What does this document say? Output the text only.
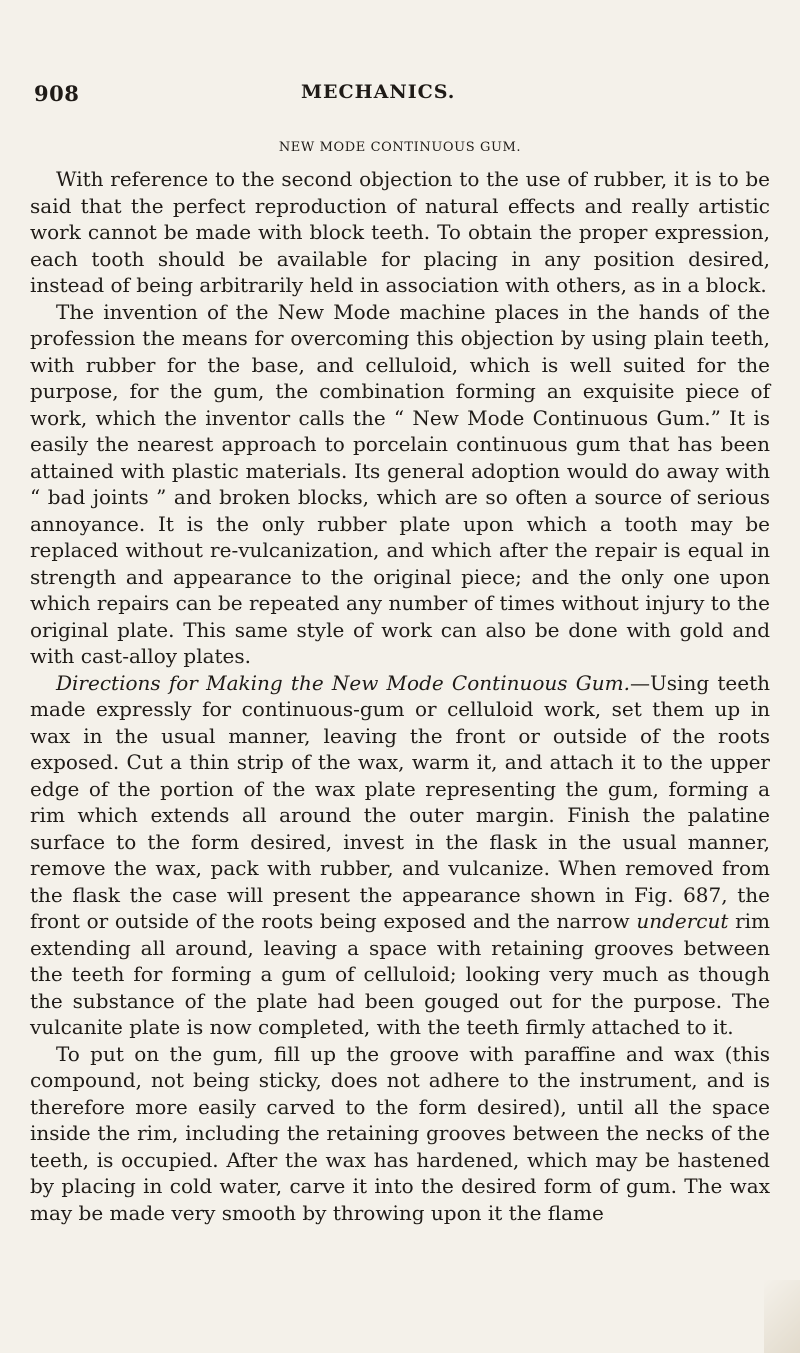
908	MECHANICS.
NEW MODE CONTINUOUS GUM.

With reference to the second objection to the use of rubber, it is to be said that the perfect reproduction of natural effects and really artistic work cannot be made with block teeth. To obtain the proper expression, each tooth should be available for placing in any position desired, instead of being arbitrarily held in association with others, as in a block.

The invention of the New Mode machine places in the hands of the profession the means for overcoming this objection by using plain teeth, with rubber for the base, and celluloid, which is well suited for the purpose, for the gum, the combination forming an exquisite piece of work, which the inventor calls the “ New Mode Continuous Gum.” It is easily the nearest approach to porcelain continuous gum that has been attained with plastic materials. Its general adoption would do away with “ bad joints ” and broken blocks, which are so often a source of serious annoyance. It is the only rubber plate upon which a tooth may be replaced without re-vulcanization, and which after the repair is equal in strength and appearance to the original piece; and the only one upon which repairs can be repeated any number of times without injury to the original plate. This same style of work can also be done with gold and with cast-alloy plates.

Directions for Making the New Mode Continuous Gum.—Using teeth made expressly for continuous-gum or celluloid work, set them up in wax in the usual manner, leaving the front or outside of the roots exposed. Cut a thin strip of the wax, warm it, and attach it to the upper edge of the portion of the wax plate representing the gum, forming a rim which extends all around the outer margin. Finish the palatine surface to the form desired, invest in the flask in the usual manner, remove the wax, pack with rubber, and vulcanize. When removed from the flask the case will present the appearance shown in Fig. 687, the front or outside of the roots being exposed and the narrow undercut rim extending all around, leaving a space with retaining grooves between the teeth for forming a gum of celluloid; looking very much as though the substance of the plate had been gouged out for the purpose. The vulcanite plate is now completed, with the teeth firmly attached to it.

To put on the gum, fill up the groove with paraffine and wax (this compound, not being sticky, does not adhere to the instrument, and is therefore more easily carved to the form desired), until all the space inside the rim, including the retaining grooves between the necks of the teeth, is occupied. After the wax has hardened, which may be hastened by placing in cold water, carve it into the desired form of gum. The wax may be made very smooth by throwing upon it the flame
